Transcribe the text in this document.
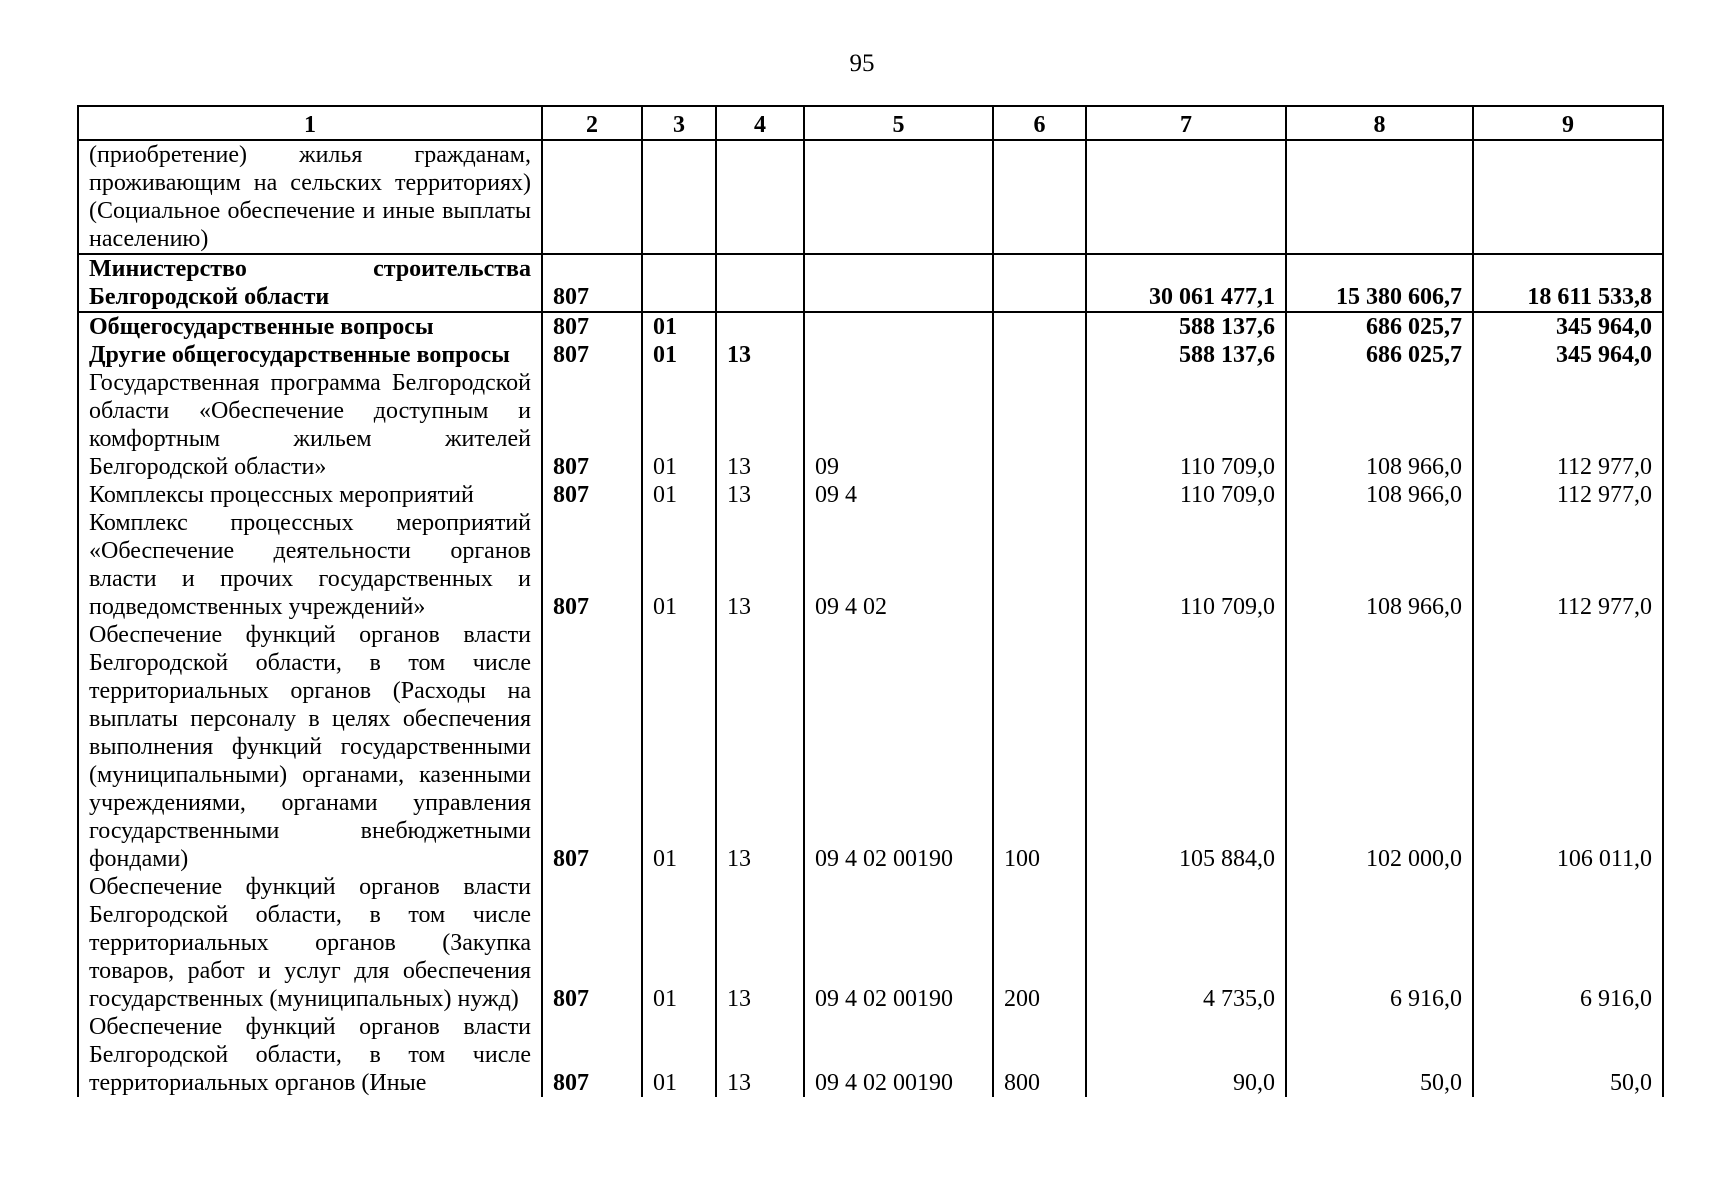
95
1	2	3	4	5	6	7	8	9
(приобретение) жилья гражданам, проживающим на сельских территориях) (Социальное обеспечение и иные выплаты населению)								
Министерство строительства Белгородской области	807					30 061 477,1	15 380 606,7	18 611 533,8
Общегосударственные вопросы	807	01				588 137,6	686 025,7	345 964,0
Другие общегосударственные вопросы	807	01	13			588 137,6	686 025,7	345 964,0
Государственная программа Белгородской области «Обеспечение доступным и комфортным жильем жителей Белгородской области»	807	01	13	09		110 709,0	108 966,0	112 977,0
Комплексы процессных мероприятий	807	01	13	09 4		110 709,0	108 966,0	112 977,0
Комплекс процессных мероприятий «Обеспечение деятельности органов власти и прочих государственных и подведомственных учреждений»	807	01	13	09 4 02		110 709,0	108 966,0	112 977,0
Обеспечение функций органов власти Белгородской области, в том числе территориальных органов (Расходы на выплаты персоналу в целях обеспечения выполнения функций государственными (муниципальными) органами, казенными учреждениями, органами управления государственными внебюджетными фондами)	807	01	13	09 4 02 00190	100	105 884,0	102 000,0	106 011,0
Обеспечение функций органов власти Белгородской области, в том числе территориальных органов (Закупка товаров, работ и услуг для обеспечения государственных (муниципальных) нужд)	807	01	13	09 4 02 00190	200	4 735,0	6 916,0	6 916,0
Обеспечение функций органов власти Белгородской области, в том числе территориальных органов (Иные	807	01	13	09 4 02 00190	800	90,0	50,0	50,0
